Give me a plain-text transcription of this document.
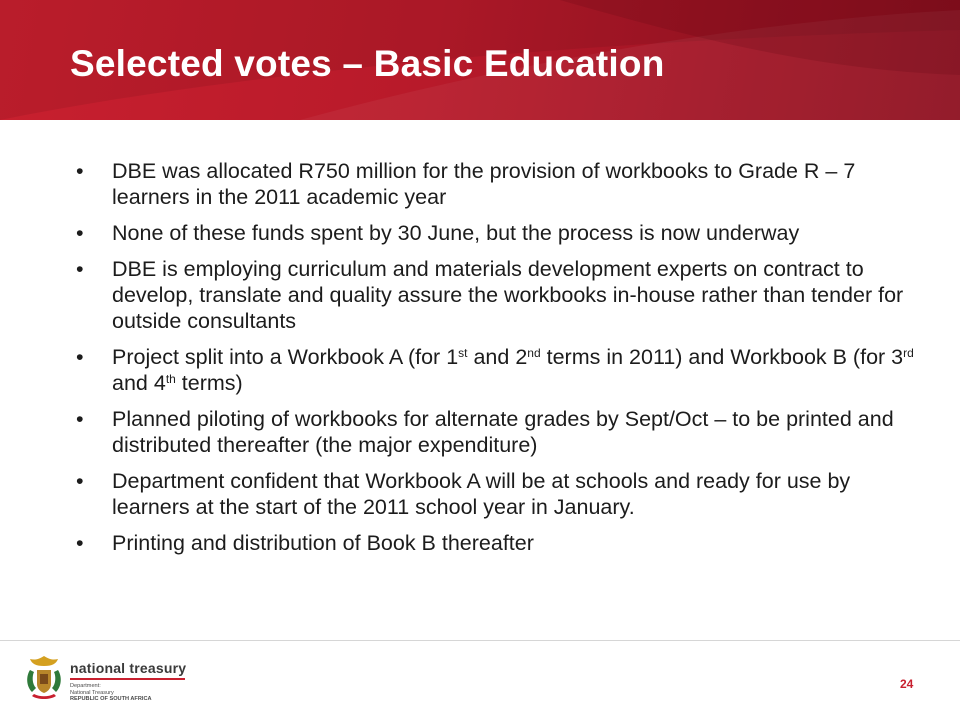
Selected votes – Basic Education
• DBE was allocated R750 million for the provision of workbooks to Grade R – 7 learners in the 2011 academic year
• None of these funds spent by 30 June, but the process is now underway
• DBE is employing curriculum and materials development experts on contract to develop, translate and quality assure the workbooks in-house rather than tender for outside consultants
• Project split into a Workbook A (for 1st and 2nd terms in 2011) and Workbook B (for 3rd and 4th terms)
• Planned piloting of workbooks for alternate grades by Sept/Oct – to be printed and distributed thereafter (the major expenditure)
• Department confident that Workbook A will be at schools and ready for use by learners at the start of the 2011 school year in January.
• Printing and distribution of Book B thereafter
national treasury
Department:
National Treasury
REPUBLIC OF SOUTH AFRICA
24
